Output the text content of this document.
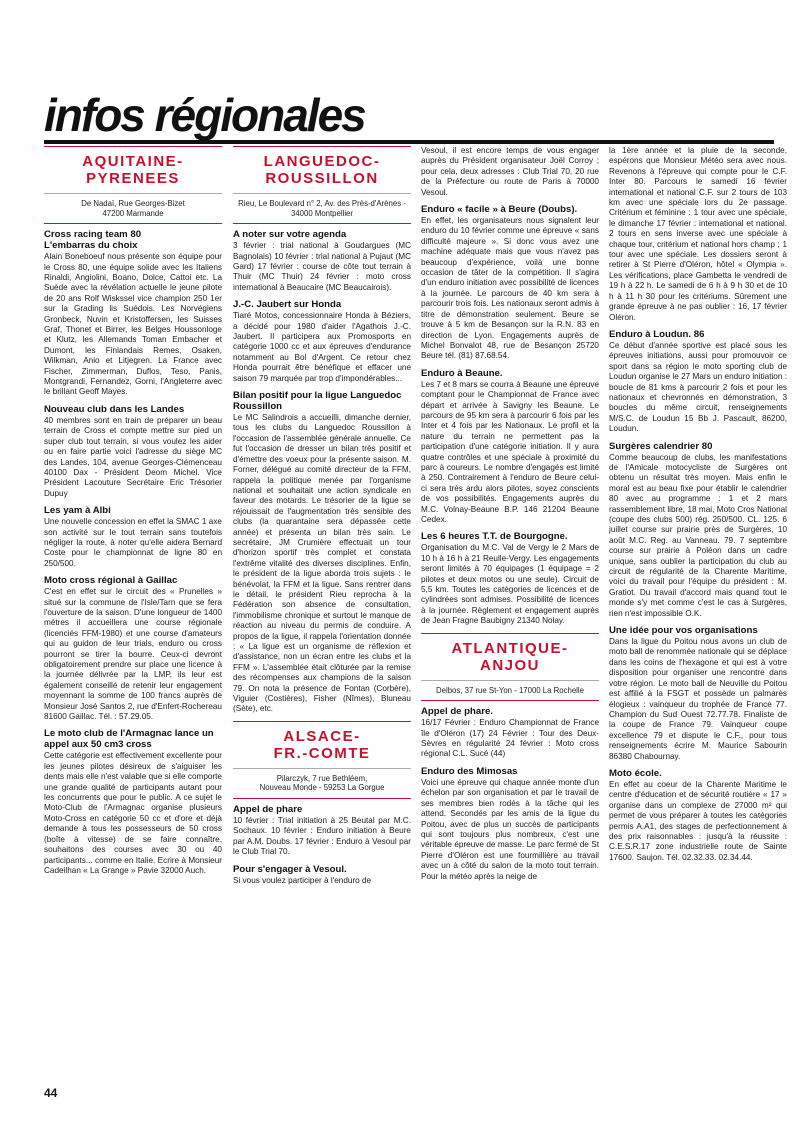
infos régionales
AQUITAINE-
PYRENEES
De Nadaï, Rue Georges-Bizet
47200 Marmande
Cross racing team 80
L'embarras du choix

Alain Boneboeuf nous présente son équipe pour le Cross 80, une équipe solide avec les Italiens Rinaldi, Angiolini, Boano, Dolce, Cattoi etc. La Suède avec la révélation actuelle le jeune pilote de 20 ans Rolf Wiskssel vice champion 250 1er sur la Grading lis Suédois. Les Norvégiens Gronbeck, Nuvin et Kristoffersen, les Suisses Graf, Thonet et Birrer, les Belges Houssonloge et Klutz, les Allemands Toman Embacher et Dumont, les Finlandais Remes, Osaken, Wilkman, Anio et Litjegren. La France avec Fischer, Zimmerman, Duflos, Teso, Panis, Montgrandi, Fernandez, Gorni, l'Angleterre avec le brillant Geoff Mayes.

Nouveau club dans les Landes

40 membres sont en train de préparer un beau terrain de Cross et compte mettre sur pied un super club tout terrain, si vous voulez les aider ou en faire partie voici l'adresse du siège MC des Landes, 104, avenue Georges-Clémenceau 40100 Dax - Président Deom Michel. Vice Président Lacouture Secrétaire Eric Trésorier Dupuy

Les yam à Albi

Une nouvelle concession en effet la SMAC 1 axe son activité sur le tout terrain sans toutefois négliger la route, à noter qu'elle aidera Bernard Coste pour le championnat de ligne 80 en 250/500.

Moto cross régional à Gaillac

C'est en effet sur le circuit des « Prunelles » situé sur la commune de l'Isle/Tarn que se fera l'ouverture de la saison. D'une longueur de 1400 mètres il accueillera une course régionale (licenciés FFM-1980) et une course d'amateurs qui au guidon de leur trials, enduro ou cross pourront se tirer la bourre. Ceux-ci devront obligatoirement prendre sur place une licence à la journée délivrée par la LMP, ils leur est également conseillé de retenir leur engagement moyennant la somme de 100 francs auprès de Monsieur José Santos 2, rue d'Enfert-Rochereau 81600 Gaillac. Tél. : 57.29.05.

Le moto club de l'Armagnac lance un appel aux 50 cm3 cross

Cette catégorie est effectivement excellente pour les jeunes pilotes désireux de s'aiguiser les dents mais elle n'est valable que si elle comporte une grande qualité de participants autant pour les concurrents que pour le public. A ce sujet le Moto-Club de l'Armagnac organise plusieurs Moto-Cross en catégorie 50 cc et d'ore et déjà demande à tous les possesseurs de 50 cross (boîte à vitesse) de se faire connaître, souhaitons des courses avec 30 ou 40 participants... comme en Italie. Ecrire à Monsieur Cadeilhan « La Grange » Pavie 32000 Auch.

LANGUEDOC-
ROUSSILLON
Rieu, Le Boulevard n° 2, Av. des Près-d'Arènes - 34000 Montpellier
A noter sur votre agenda

3 février : trial national à Goudargues (MC Bagnolais) 10 février : trial national à Pujaut (MC Gard) 17 février : course de côte tout terrain à Thuir (MC Thuir) 24 février : moto cross international à Beaucaire (MC Beaucairois).

J.-C. Jaubert sur Honda

Tiaré Motos, concessionnaire Honda à Béziers, a décidé pour 1980 d'aider l'Agathois J.-C. Jaubert. Il participera aux Promosports en catégorie 1000 cc et aux épreuves d'endurance notamment au Bol d'Argent. Ce retour chez Honda pourrait être bénéfique et effacer une saison 79 marquée par trop d'impondérables...

Bilan positif pour la ligue Languedoc Roussillon

Le MC Salindrois a accueilli, dimanche dernier, tous les clubs du Languedoc Roussillon à l'occasion de l'assemblée générale annuelle. Ce fut l'occasion de dresser un bilan très positif et d'émettre des voeux pour la présente saison. M. Forner, délégué au comité directeur de la FFM, rappela la politique menée par l'organisme national et souhaitait une action syndicale en faveur des motards. Le trésorier de la ligue se réjouissait de l'augmentation très sensible des clubs (la quarantaine sera dépassée cette année) et présenta un bilan très sain. Le secrétaire, JM Crumière effectuait un tour d'horizon sportif très complet et constata l'extrême vitalité des diverses disciplines. Enfin, le président de la ligue aborda trois sujets : le bénévolat, la FFM et la ligue. Sans rentrer dans le détail, le président Rieu reprocha à la Fédération son absence de consultation, l'immobilisme chronique et surtout le manque de réaction au niveau du permis de conduire. A propos de la ligue, il rappela l'orientation donnée : « La ligue est un organisme de réflexion et d'assistance, non un écran entre les clubs et la FFM ». L'assemblée était clôturée par la remise des récompenses aux champions de la saison 79. On nota la présence de Fontan (Corbère), Viguier (Costières), Fisher (Nîmes), Bluneau (Sète), etc.

ALSACE-
FR.-COMTE
Pilarczyk, 7 rue Bethléem,
Nouveau Monde - 59253 La Gorgue
Appel de phare

10 février : Trial initiation à 25 Beutal par M.C. Sochaux. 10 février : Enduro initiation à Beure par A.M. Doubs. 17 février : Enduro à Vesoul par le Club Trial 70.

Pour s'engager à Vesoul.

Si vous voulez participer à l'enduro de

Vesoul, il est encore temps de vous engager auprès du Président organisateur Joël Corroy ; pour cela, deux adresses : Club Trial 70, 20 rue de la Préfecture ou route de Paris à 70000 Vesoul.

Enduro « facile » à Beure (Doubs).

En effet, les organisateurs nous signalent leur enduro du 10 février comme une épreuve « sans difficulté majeure ». Si donc vous avez une machine adéquate mais que vous n'avez pas beaucoup d'expérience, voilà une bonne occasion de tâter de la compétition. Il s'agira d'un enduro initiation avec possibilité de licences à la journée. Le parcours de 40 km sera à parcourir trois fois. Les nationaux seront admis à titre de démonstration seulement. Beure se trouve à 5 km de Besançon sur la R.N. 83 en direction de Lyon. Engagements auprès de Michel Bonvalot 48, rue de Besançon 25720 Beure tél. (81) 87.68.54.

Enduro à Beaune.

Les 7 et 8 mars se courra à Beaune une épreuve comptant pour le Championnat de France avec départ et arrivée à Savigny les Beaune. Le parcours de 95 km sera à parcourir 6 fois par les Inter et 4 fois par les Nationaux. Le profil et la nature du terrain ne permettent pas la participation d'une catégorie initiation. Il y aura quatre contrôles et une spéciale à proximité du parc à coureurs. Le nombre d'engagés est limité à 250. Contrairement à l'enduro de Beure celui-ci sera très ardu alors pilotes, soyez conscients de vos possibilités. Engagements auprès du M.C. Volnay-Beaune B.P. 146 21204 Beaune Cedex.

Les 6 heures T.T. de Bourgogne.

Organisation du M.C. Val de Vergy le 2 Mars de 10 h à 16 h à 21 Reulle-Vergy. Les engagements seront limités à 70 équipages (1 équipage = 2 pilotes et deux motos ou une seule). Circuit de 5,5 km. Toutes les catégories de licences et de cylindrées sont admises. Possibilité de licences à la journée. Règlement et engagement auprès de Jean Fragne Baubigny 21340 Nolay.

ATLANTIQUE-
ANJOU
Delbos, 37 rue St-Yon - 17000 La Rochelle
Appel de phare.

16/17 Février : Enduro Championnat de France île d'Oléron (17) 24 Février : Tour des Deux-Sèvres en régularité 24 février : Moto cross régional C.L. Sucé (44)

Enduro des Mimosas

Voici une épreuve qui chaque année monte d'un échelon par son organisation et par le travail de ses membres bien rodés à la tâche qui les attend. Secondés par les amis de la ligue du Poitou, avec de plus un succès de participants qui sont toujours plus nombreux, c'est une véritable épreuve de masse. Le parc fermé de St Pierre d'Oléron est une fourmillière au travail avec un à côté du salon de la moto tout terrain. Pour la météo après la neige de

la 1ère année et la pluie de la seconde, espérons que Monsieur Météo sera avec nous. Revenons à l'épreuve qui compte pour le C.F. Inter 80. Parcours le samedi 16 février international et national C.F. sur 2 tours de 103 km avec une spéciale lors du 2e passage. Critérium et féminine : 1 tour avec une spéciale, le dimanche 17 février : international et national. 2 tours en sens inverse avec une spéciale à chaque tour, critérium et national hors champ ; 1 tour avec une spéciale. Les dossiers seront à retirer à St Pierre d'Oléron, hôtel « Olympia ». Les vérifications, place Gambetta le vendredi de 19 h à 22 h. Le samedi de 6 h à 9 h 30 et de 10 h à 11 h 30 pour les critériums. Sûrement une grande épreuve à ne pas oublier : 16, 17 février Oléron.

Enduro à Loudun. 86

Ce début d'année sportive est placé sous les épreuves initiations, aussi pour promouvoir ce sport dans sa région le moto sporting club de Loudun organise le 27 Mars un enduro initiation : boucle de 81 kms à parcourir 2 fois et pour les nationaux et chevronnés en démonstration, 3 boucles du même circuit, renseignements M/S.C. de Loudun 15 Bb J. Pascault, 86200, Loudun.

Surgères calendrier 80

Comme beaucoup de clubs, les manifestations de l'Amicale motocycliste de Surgères ont obtenu un résultat très moyen. Mais enfin le moral est au beau fixe pour établir le calendrier 80 avec au programme : 1 et 2 mars rassemblement libre, 18 mai, Moto Cros National (coupe des clubs 500) rég. 250/500. CL. 125. 6 juillet course sur prairie près de Surgères, 10 août M.C. Reg. au Vanneau. 79. 7 septembre course sur prairie à Poléon dans un cadre unique, sans oublier la participation du club au circuit de régularité de la Charente Maritime, voici du travail pour l'équipe du président : M. Gratiot. Du travail d'accord mais quand tout le monde s'y met comme c'est le cas à Surgères, rien n'est impossible O.K.

Une idée pour vos organisations

Dans la ligue du Poitou nous avons un club de moto ball de renommée nationale qui se déplace dans les coins de l'hexagone et qui est à votre disposition pour organiser une rencontre dans votre région. Le moto ball de Neuville du Poitou est affilié à la FSGT et possède un palmarès élogieux : vainqueur du trophée de France 77. Champion du Sud Ouest 72.77.78. Finaliste de la coupe de France 79. Vainqueur coupe excellence 79 et dispute le C.F., pour tous renseignements écrire M. Maurice Sabourin 86380 Chabournay.

Moto école.

En effet au coeur de la Charente Maritime le centre d'éducation et de sécurité routière « 17 » organise dans un complexe de 27000 m² qui permet de vous préparer à toutes les catégories permis A.A1, des stages de perfectionnement à des prix raisonnables : jusqu'à la réussite : C.E.S.R.17 zone industrielle route de Sainte 17600. Saujon. Tél. 02.32.33. 02.34.44.

44
